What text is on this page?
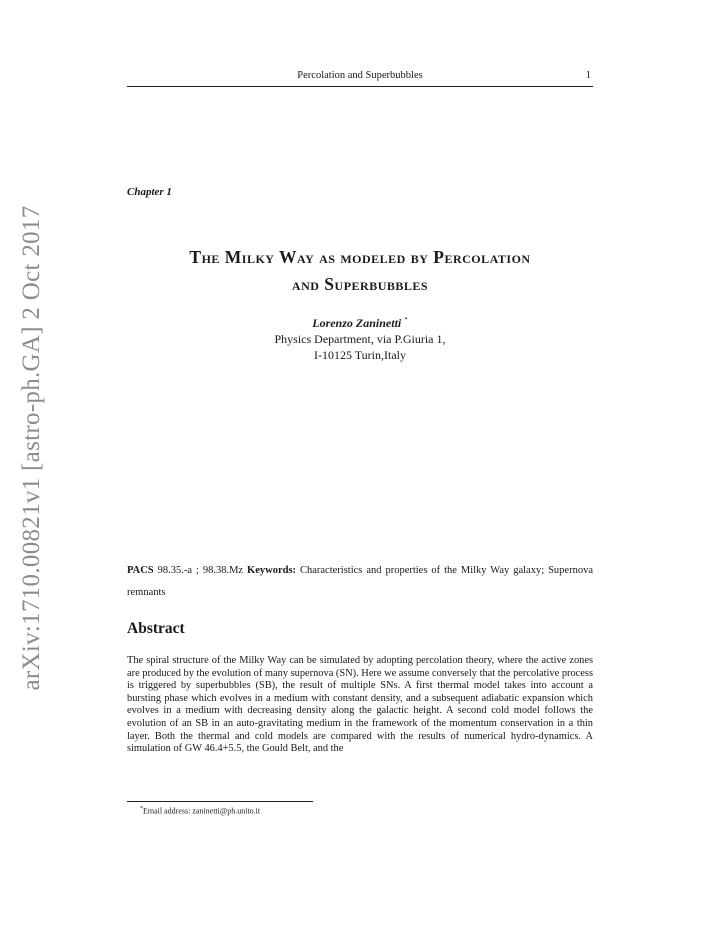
arXiv:1710.00821v1 [astro-ph.GA] 2 Oct 2017
Percolation and Superbubbles	1
Chapter 1
The Milky Way as modeled by Percolation
and Superbubbles
Lorenzo Zaninetti *
Physics Department, via P.Giuria 1,
I-10125 Turin,Italy
PACS 98.35.-a ; 98.38.Mz Keywords: Characteristics and properties of the Milky Way galaxy; Supernova remnants
Abstract
The spiral structure of the Milky Way can be simulated by adopting percolation theory, where the active zones are produced by the evolution of many supernova (SN). Here we assume conversely that the percolative process is triggered by superbubbles (SB), the result of multiple SNs. A first thermal model takes into account a bursting phase which evolves in a medium with constant density, and a subsequent adiabatic expansion which evolves in a medium with decreasing density along the galactic height. A second cold model follows the evolution of an SB in an auto-gravitating medium in the framework of the momentum conservation in a thin layer. Both the thermal and cold models are compared with the results of numerical hydro-dynamics. A simulation of GW 46.4+5.5, the Gould Belt, and the
*Email address: zaninetti@ph.unito.it
